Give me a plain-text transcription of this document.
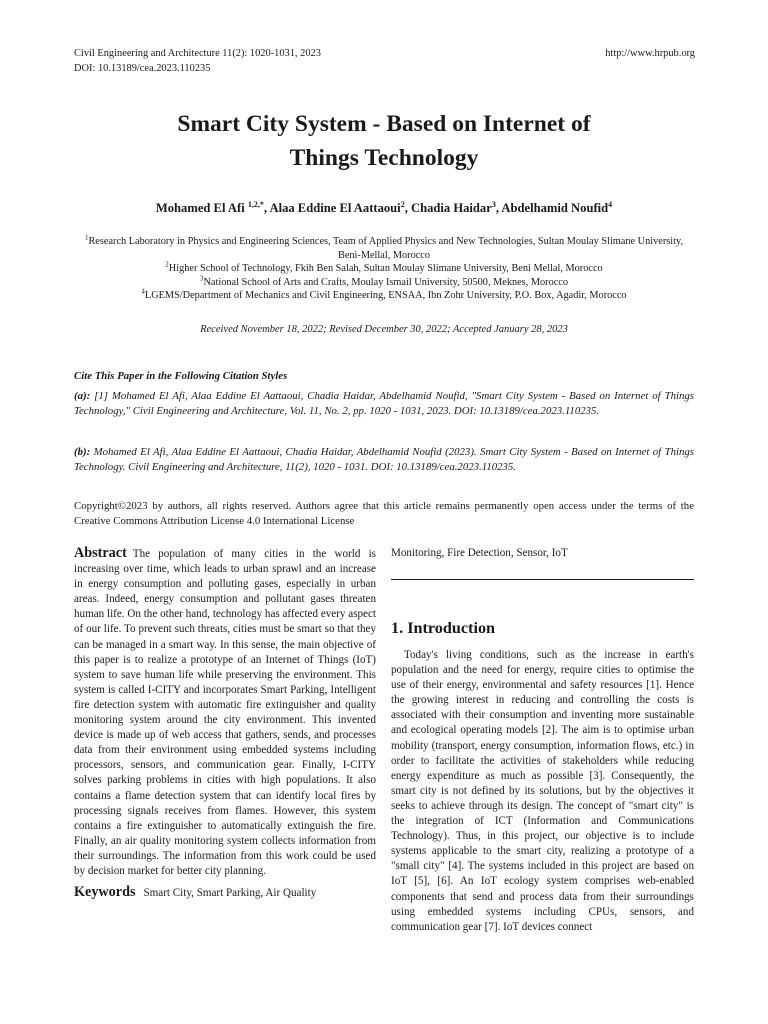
Civil Engineering and Architecture 11(2): 1020-1031, 2023
DOI: 10.13189/cea.2023.110235
http://www.hrpub.org
Smart City System - Based on Internet of
Things Technology
Mohamed El Afi $^{1,2,*}$, Alaa Eddine El Aattaoui$^2$, Chadia Haidar$^3$, Abdelhamid Noufid$^4$
$^1$Research Laboratory in Physics and Engineering Sciences, Team of Applied Physics and New Technologies, Sultan Moulay Slimane University, Beni-Mellal, Morocco
$^2$Higher School of Technology, Fkih Ben Salah, Sultan Moulay Slimane University, Beni Mellal, Morocco
$^3$National School of Arts and Crafts, Moulay Ismail University, 50500, Meknes, Morocco
$^4$LGEMS/Department of Mechanics and Civil Engineering, ENSAA, Ibn Zohr University, P.O. Box, Agadir, Morocco
Received November 18, 2022; Revised December 30, 2022; Accepted January 28, 2023
Cite This Paper in the Following Citation Styles
(a): [1] Mohamed El Afi, Alaa Eddine El Aattaoui, Chadia Haidar, Abdelhamid Noufid, "Smart City System - Based on Internet of Things Technology," Civil Engineering and Architecture, Vol. 11, No. 2, pp. 1020 - 1031, 2023. DOI: 10.13189/cea.2023.110235.
(b): Mohamed El Afi, Alaa Eddine El Aattaoui, Chadia Haidar, Abdelhamid Noufid (2023). Smart City System - Based on Internet of Things Technology. Civil Engineering and Architecture, 11(2), 1020 - 1031. DOI: 10.13189/cea.2023.110235.
Copyright©2023 by authors, all rights reserved. Authors agree that this article remains permanently open access under the terms of the Creative Commons Attribution License 4.0 International License
Abstract The population of many cities in the world is increasing over time, which leads to urban sprawl and an increase in energy consumption and polluting gases, especially in urban areas. Indeed, energy consumption and pollutant gases threaten human life. On the other hand, technology has affected every aspect of our life. To prevent such threats, cities must be smart so that they can be managed in a smart way. In this sense, the main objective of this paper is to realize a prototype of an Internet of Things (IoT) system to save human life while preserving the environment. This system is called I-CITY and incorporates Smart Parking, Intelligent fire detection system with automatic fire extinguisher and quality monitoring system around the city environment. This invented device is made up of web access that gathers, sends, and processes data from their environment using embedded systems including processors, sensors, and communication gear. Finally, I-CITY solves parking problems in cities with high populations. It also contains a flame detection system that can identify local fires by processing signals receives from flames. However, this system contains a fire extinguisher to automatically extinguish the fire. Finally, an air quality monitoring system collects information from their surroundings. The information from this work could be used by decision market for better city planning.
Keywords Smart City, Smart Parking, Air Quality
Monitoring, Fire Detection, Sensor, IoT
1. Introduction
Today's living conditions, such as the increase in earth's population and the need for energy, require cities to optimise the use of their energy, environmental and safety resources [1]. Hence the growing interest in reducing and controlling the costs is associated with their consumption and inventing more sustainable and ecological operating models [2]. The aim is to optimise urban mobility (transport, energy consumption, information flows, etc.) in order to facilitate the activities of stakeholders while reducing energy expenditure as much as possible [3]. Consequently, the smart city is not defined by its solutions, but by the objectives it seeks to achieve through its design. The concept of "smart city" is the integration of ICT (Information and Communications Technology). Thus, in this project, our objective is to include systems applicable to the smart city, realizing a prototype of a "small city" [4]. The systems included in this project are based on IoT [5], [6]. An IoT ecology system comprises web-enabled components that send and process data from their surroundings using embedded systems including CPUs, sensors, and communication gear [7]. IoT devices connect
